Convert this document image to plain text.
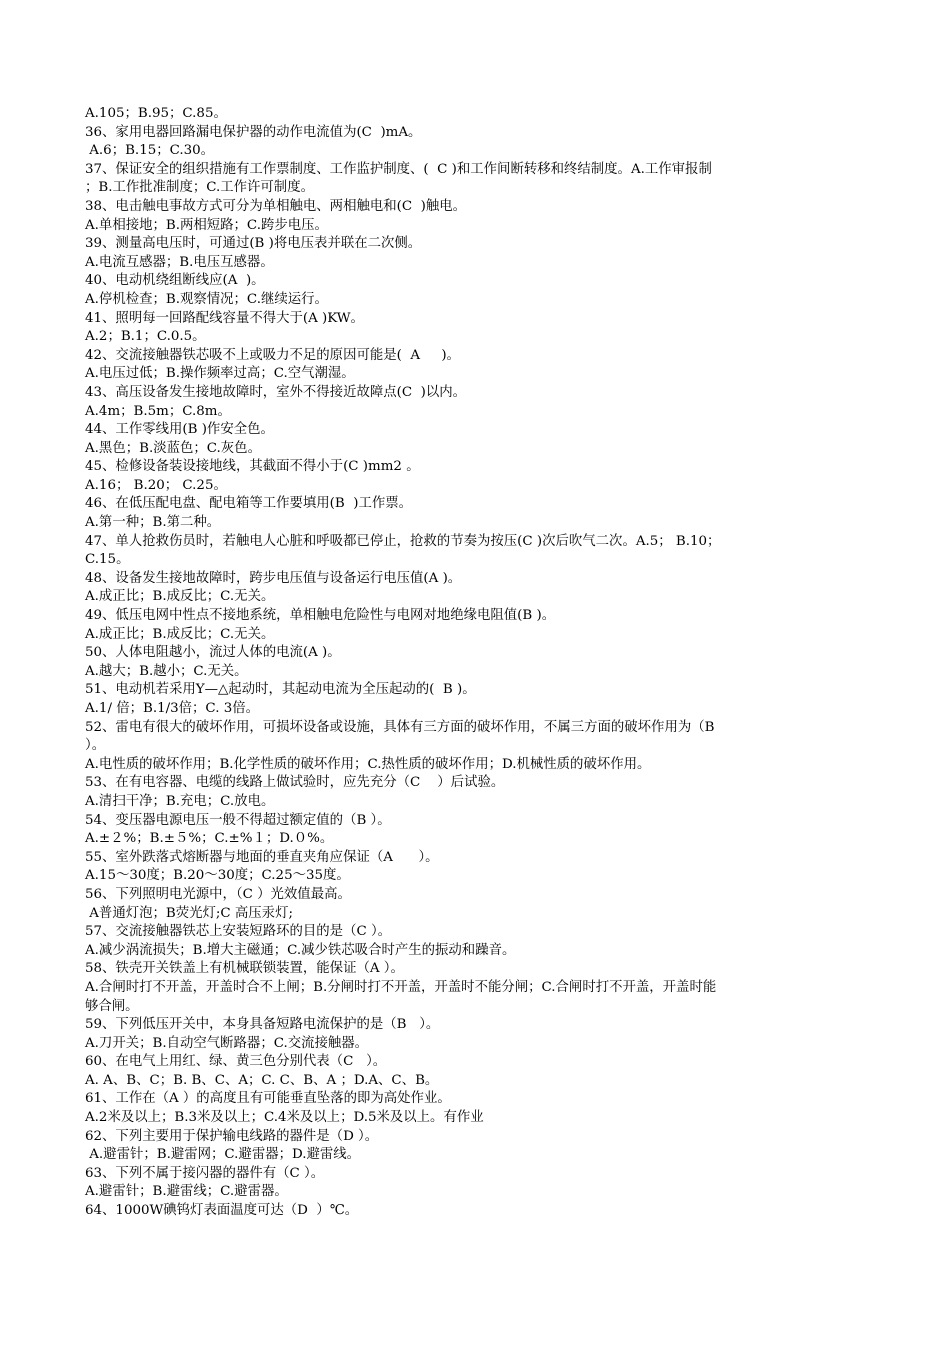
A.105；B.95；C.85。

36、家用电器回路漏电保护器的动作电流值为(C  )mA。

A.6；B.15；C.30。

37、保证安全的组织措施有工作票制度、工作监护制度、(  C )和工作间断转移和终结制度。A.工作审报制

；B.工作批准制度；C.工作许可制度。

38、电击触电事故方式可分为单相触电、两相触电和(C  )触电。

A.单相接地；B.两相短路；C.跨步电压。

39、测量高电压时，可通过(B )将电压表并联在二次侧。

A.电流互感器；B.电压互感器。

40、电动机绕组断线应(A  )。

A.停机检查；B.观察情况；C.继续运行。

41、照明每一回路配线容量不得大于(A )KW。

A.2；B.1；C.0.5。

42、交流接触器铁芯吸不上或吸力不足的原因可能是(  A     )。

A.电压过低；B.操作频率过高；C.空气潮湿。

43、高压设备发生接地故障时，室外不得接近故障点(C  )以内。

A.4m；B.5m；C.8m。

44、工作零线用(B )作安全色。

A.黑色；B.淡蓝色；C.灰色。

45、检修设备装设接地线，其截面不得小于(C )mm2 。

A.16； B.20； C.25。

46、在低压配电盘、配电箱等工作要填用(B  )工作票。

A.第一种；B.第二种。

47、单人抢救伤员时，若触电人心脏和呼吸都已停止，抢救的节奏为按压(C )次后吹气二次。A.5； B.10；

C.15。

48、设备发生接地故障时，跨步电压值与设备运行电压值(A )。

A.成正比；B.成反比；C.无关。

49、低压电网中性点不接地系统，单相触电危险性与电网对地绝缘电阻值(B )。

A.成正比；B.成反比；C.无关。

50、人体电阻越小，流过人体的电流(A )。

A.越大；B.越小；C.无关。

51、电动机若采用Y—△起动时，其起动电流为全压起动的(  B )。

A.1/ 倍；B.1/3倍；C. 3倍。

52、雷电有很大的破坏作用，可损坏设备或设施，具体有三方面的破坏作用，不属三方面的破坏作用为（B

）。

A.电性质的破坏作用；B.化学性质的破坏作用；C.热性质的破坏作用；D.机械性质的破坏作用。

53、在有电容器、电缆的线路上做试验时，应先充分（C    ）后试验。

A.清扫干净；B.充电；C.放电。

54、变压器电源电压一般不得超过额定值的（B ）。

A.±２%；B.±５%；C.±%１；D.０%。

55、室外跌落式熔断器与地面的垂直夹角应保证（A      ）。

A.15～30度；B.20～30度；C.25～35度。

56、下列照明电光源中，（C ）光效值最高。

A普通灯泡；B荧光灯;C 高压汞灯;

57、交流接触器铁芯上安装短路环的目的是（C ）。

A.减少涡流损失；B.增大主磁通；C.减少铁芯吸合时产生的振动和躁音。

58、铁壳开关铁盖上有机械联锁装置，能保证（A ）。

A.合闸时打不开盖，开盖时合不上闸；B.分闸时打不开盖，开盖时不能分闸；C.合闸时打不开盖，开盖时能

够合闸。

59、下列低压开关中，本身具备短路电流保护的是（B   ）。

A.刀开关；B.自动空气断路器；C.交流接触器。

60、在电气上用红、绿、黄三色分别代表（C   ）。

A. A、B、C；B. B、C、A；C. C、B、A ；D.A、C、B。

61、工作在（A ）的高度且有可能垂直坠落的即为高处作业。

A.2米及以上；B.3米及以上；C.4米及以上；D.5米及以上。有作业

62、下列主要用于保护输电线路的器件是（D ）。

A.避雷针；B.避雷网；C.避雷器；D.避雷线。

63、下列不属于接闪器的器件有（C ）。

A.避雷针；B.避雷线；C.避雷器。

64、1000W碘钨灯表面温度可达（D  ）℃。
